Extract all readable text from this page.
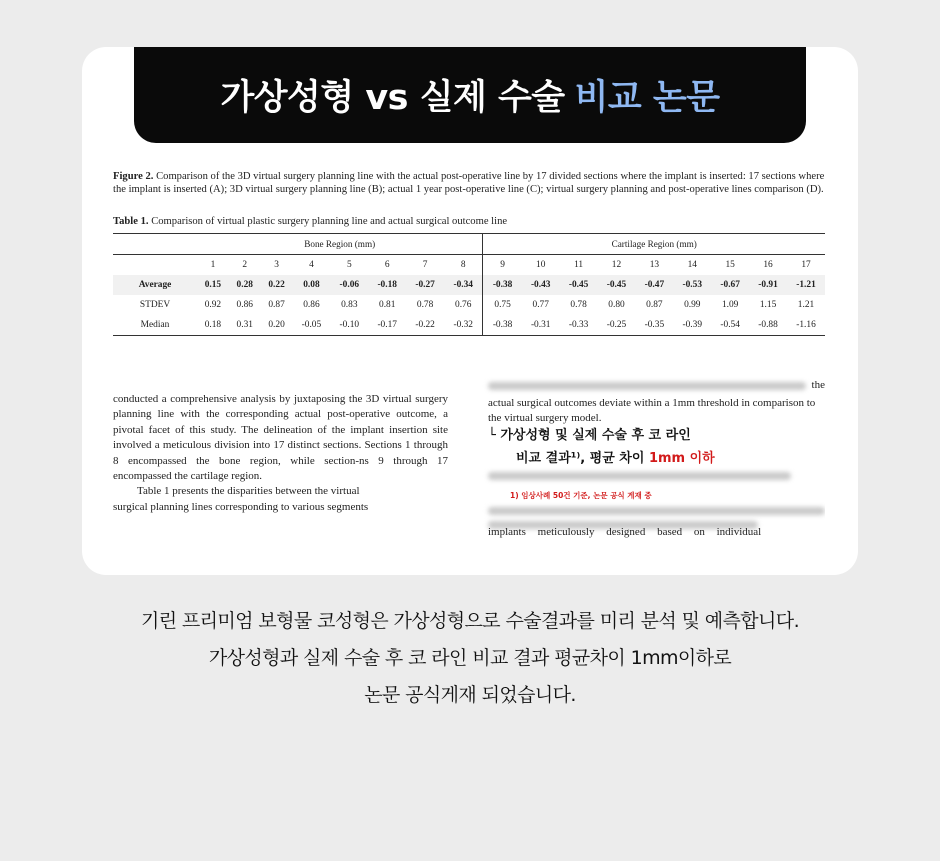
가상성형 vs 실제 수술 비교 논문

Figure 2. Comparison of the 3D virtual surgery planning line with the actual post-operative line by 17 divided sections where the implant is inserted: 17 sections where the implant is inserted (A); 3D virtual surgery planning line (B); actual 1 year post-operative line (C); virtual surgery planning and post-operative lines comparison (D).

Table 1. Comparison of virtual plastic surgery planning line and actual surgical outcome line
	Bone Region (mm)								Cartilage Region (mm)								
	1	2	3	4	5	6	7	8	9	10	11	12	13	14	15	16	17
Average	0.15	0.28	0.22	0.08	-0.06	-0.18	-0.27	-0.34	-0.38	-0.43	-0.45	-0.45	-0.47	-0.53	-0.67	-0.91	-1.21
STDEV	0.92	0.86	0.87	0.86	0.83	0.81	0.78	0.76	0.75	0.77	0.78	0.80	0.87	0.99	1.09	1.15	1.21
Median	0.18	0.31	0.20	-0.05	-0.10	-0.17	-0.22	-0.32	-0.38	-0.31	-0.33	-0.25	-0.35	-0.39	-0.54	-0.88	-1.16

conducted a comprehensive analysis by juxtaposing the 3D virtual surgery planning line with the corresponding actual post-operative outcome, a pivotal facet of this study. The delineation of the implant insertion site involved a meticulous division into 17 distinct sections. Sections 1 through 8 encompassed the bone region, while section-ns 9 through 17 encompassed the cartilage region.

Table 1 presents the disparities between the virtual

surgical planning lines corresponding to various segments

the

actual surgical outcomes deviate within a 1mm threshold in comparison to the virtual surgery model.

└ 가상성형 및 실제 수술 후 코 라인
비교 결과¹⁾, 평균 차이 1mm 이하
1) 임상사례 50건 기준, 논문 공식 게재 중
implants meticulously designed based on individual
기린 프리미엄 보형물 코성형은 가상성형으로 수술결과를 미리 분석 및 예측합니다.
가상성형과 실제 수술 후 코 라인 비교 결과 평균차이 1mm이하로
논문 공식게재 되었습니다.
